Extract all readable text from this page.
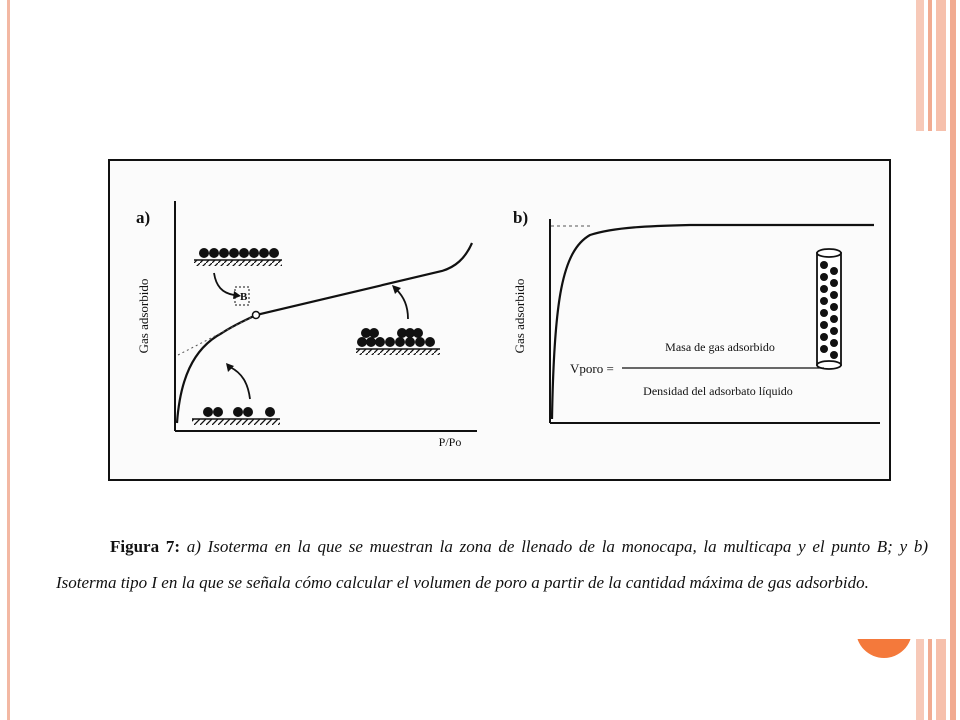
a)
Gas adsorbido
P/Po
B
b)
Gas adsorbido
Vporo =
Masa de gas adsorbido
Densidad del adsorbato líquido
Figura 7: a) Isoterma en la que se muestran la zona de llenado de la monocapa, la multicapa y el punto B; y b) Isoterma tipo I en la que se señala cómo calcular el volumen de poro a partir de la cantidad máxima de gas adsorbido.
